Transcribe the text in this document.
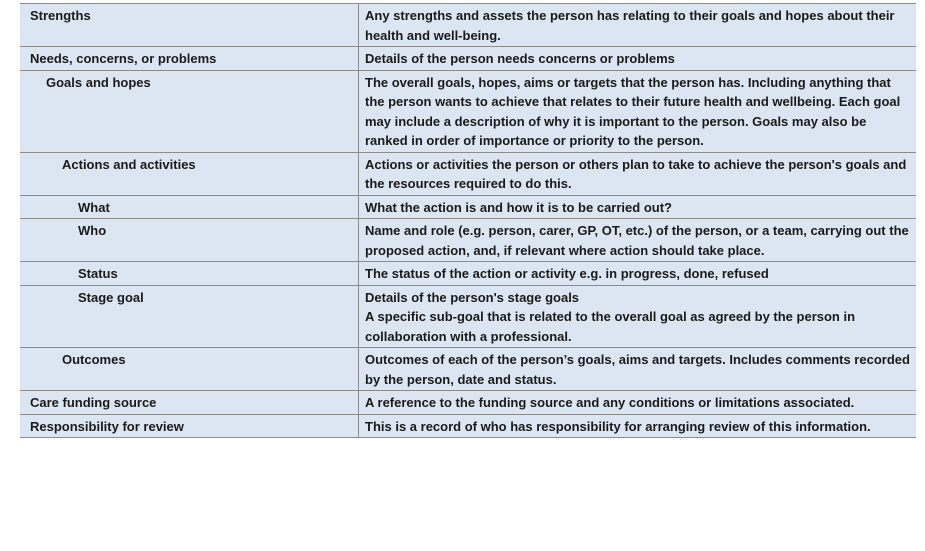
Strengths	Any strengths and assets the person has relating to their goals and hopes about their health and well-being.

Needs, concerns, or problems	Details of the person needs concerns or problems

Goals and hopes	The overall goals, hopes, aims or targets that the person has. Including anything that the person wants to achieve that relates to their future health and wellbeing. Each goal may include a description of why it is important to the person. Goals may also be ranked in order of importance or priority to the person.

Actions and activities	Actions or activities the person or others plan to take to achieve the person's goals and the resources required to do this.

What	What the action is and how it is to be carried out?

Who	Name and role (e.g. person, carer, GP, OT, etc.) of the person, or a team, carrying out the proposed action, and, if relevant where action should take place.

Status	The status of the action or activity e.g. in progress, done, refused

Stage goal	Details of the person's stage goals
A specific sub-goal that is related to the overall goal as agreed by the person in collaboration with a professional.

Outcomes	Outcomes of each of the person’s goals, aims and targets. Includes comments recorded by the person, date and status.

Care funding source	A reference to the funding source and any conditions or limitations associated.

Responsibility for review	This is a record of who has responsibility for arranging review of this information.
